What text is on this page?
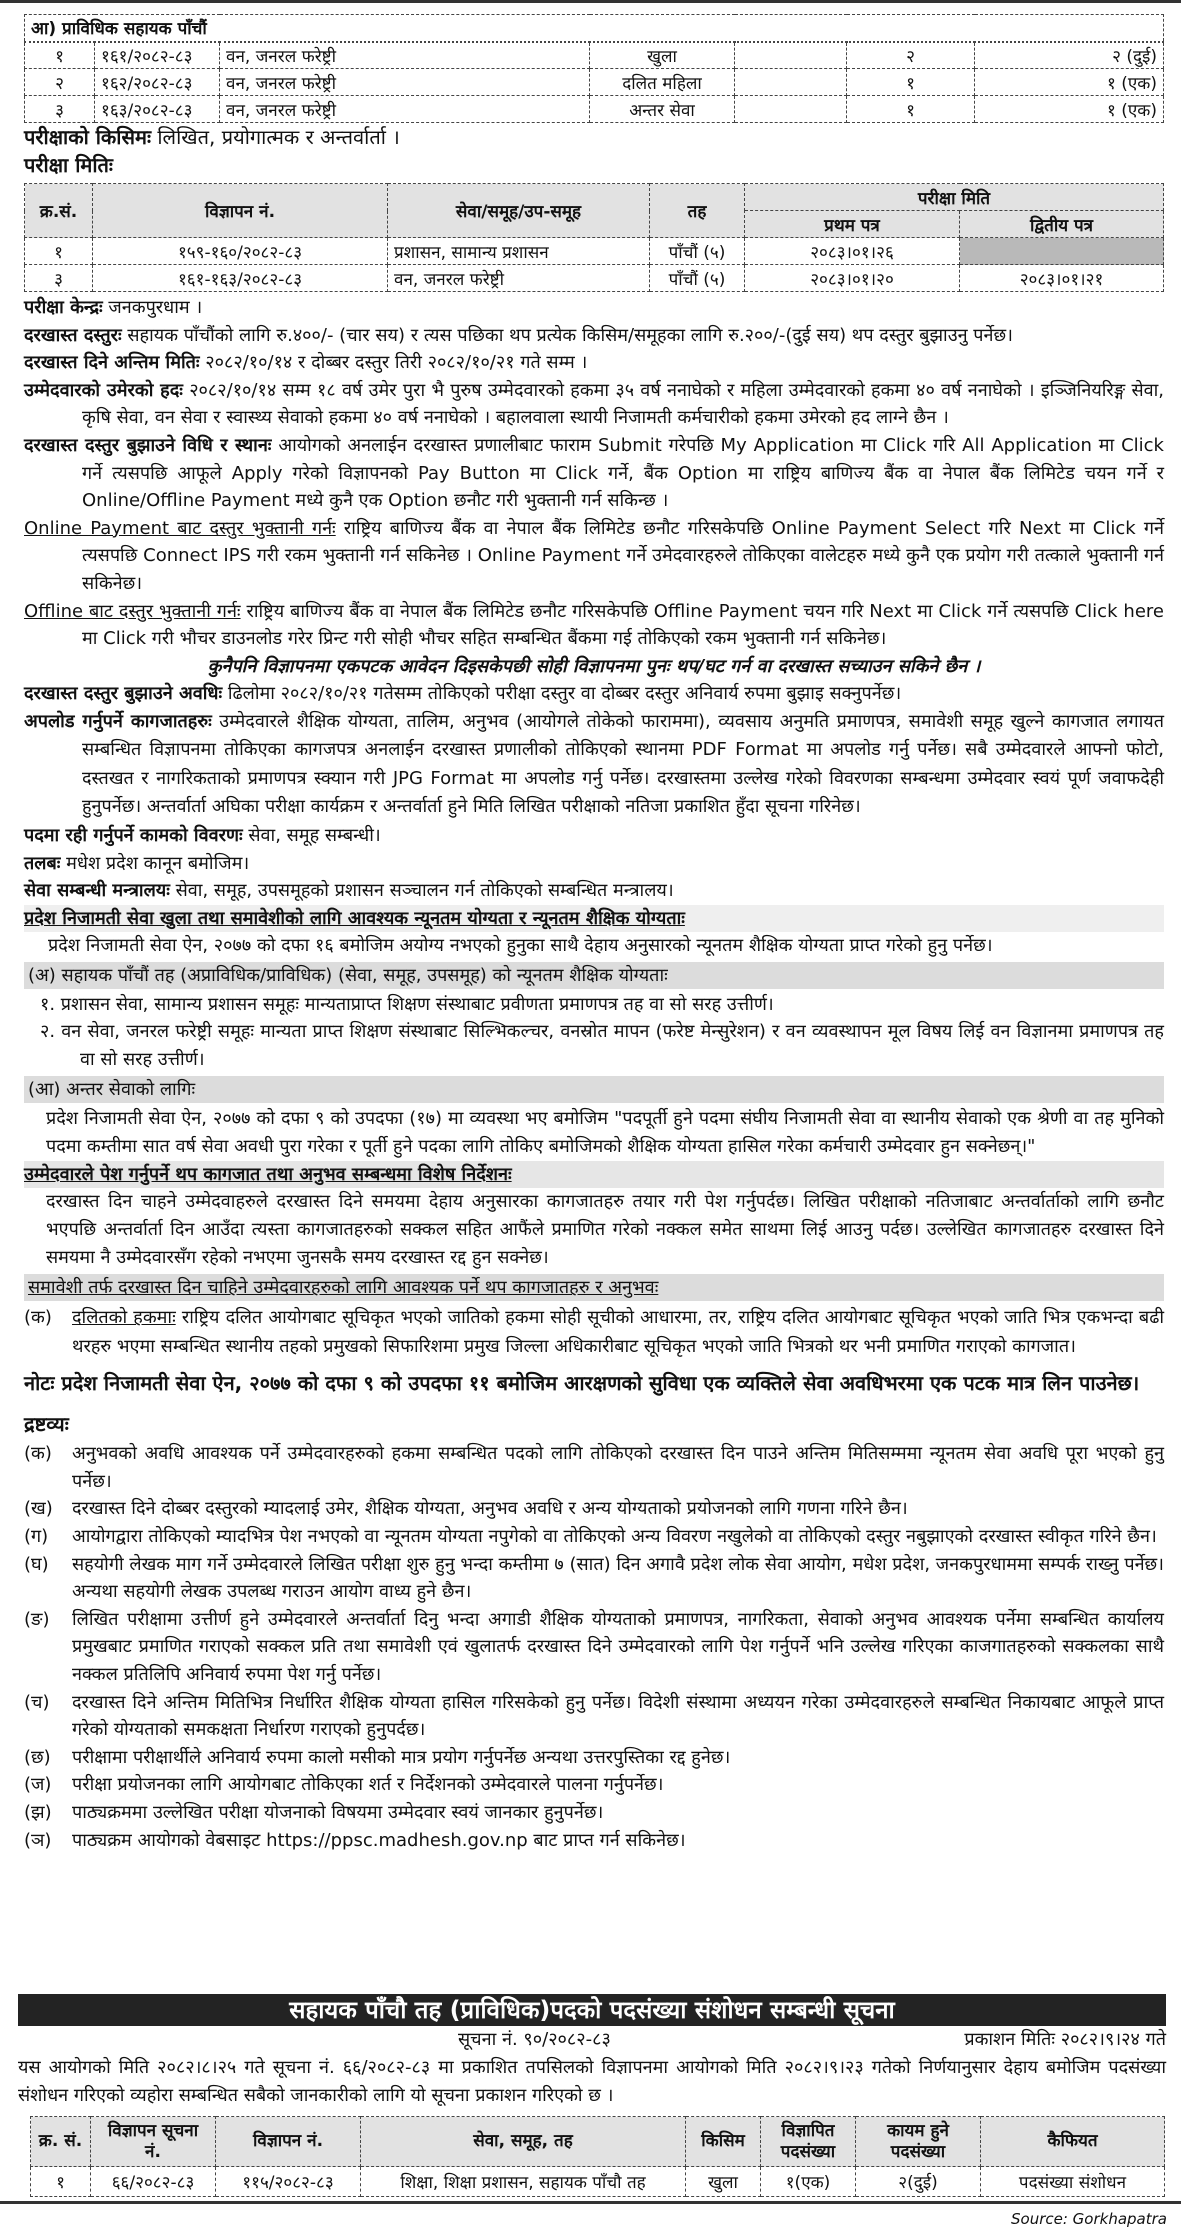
आ) प्राविधिक सहायक पाँचौं						
१	१६१/२०८२-८३	वन, जनरल फरेष्ट्री	खुला		२	२ (दुई)
२	१६२/२०८२-८३	वन, जनरल फरेष्ट्री	दलित महिला		१	१ (एक)
३	१६३/२०८२-८३	वन, जनरल फरेष्ट्री	अन्तर सेवा		१	१ (एक)
परीक्षाको किसिमः लिखित, प्रयोगात्मक र अन्तर्वार्ता ।
परीक्षा मितिः
क्र.सं.	विज्ञापन नं.	सेवा/समूह/उप-समूह	तह	परीक्षा मिति	
				प्रथम पत्र	द्वितीय पत्र
१	१५९-१६०/२०८२-८३	प्रशासन, सामान्य प्रशासन	पाँचौं (५)	२०८३।०१।२६	
३	१६१-१६३/२०८२-८३	वन, जनरल फरेष्ट्री	पाँचौं (५)	२०८३।०१।२०	२०८३।०१।२१
परीक्षा केन्द्रः जनकपुरधाम ।
दरखास्त दस्तुरः सहायक पाँचौंको लागि रु.४००/- (चार सय) र त्यस पछिका थप प्रत्येक किसिम/समूहका लागि रु.२००/-(दुई सय) थप दस्तुर बुझाउनु पर्नेछ।
दरखास्त दिने अन्तिम मितिः २०८२/१०/१४ र दोब्बर दस्तुर तिरी २०८२/१०/२१ गते सम्म ।
उम्मेदवारको उमेरको हदः २०८२/१०/१४ सम्म १८ वर्ष उमेर पुरा भै पुरुष उम्मेदवारको हकमा ३५ वर्ष ननाघेको र महिला उम्मेदवारको हकमा ४० वर्ष ननाघेको । इञ्जिनियरिङ्ग सेवा, कृषि सेवा, वन सेवा र स्वास्थ्य सेवाको हकमा ४० वर्ष ननाघेको । बहालवाला स्थायी निजामती कर्मचारीको हकमा उमेरको हद लाग्ने छैन ।
दरखास्त दस्तुर बुझाउने विधि र स्थानः आयोगको अनलाईन दरखास्त प्रणालीबाट फाराम Submit गरेपछि My Application मा Click गरि All Application मा Click गर्ने त्यसपछि आफूले Apply गरेको विज्ञापनको Pay Button मा Click गर्ने, बैंक Option मा राष्ट्रिय बाणिज्य बैंक वा नेपाल बैंक लिमिटेड चयन गर्ने र Online/Offline Payment मध्ये कुनै एक Option छनौट गरी भुक्तानी गर्न सकिन्छ ।
Online Payment बाट दस्तुर भुक्तानी गर्नः राष्ट्रिय बाणिज्य बैंक वा नेपाल बैंक लिमिटेड छनौट गरिसकेपछि Online Payment Select गरि Next मा Click गर्ने त्यसपछि Connect IPS गरी रकम भुक्तानी गर्न सकिनेछ । Online Payment गर्ने उमेदवारहरुले तोकिएका वालेटहरु मध्ये कुनै एक प्रयोग गरी तत्काले भुक्तानी गर्न सकिनेछ।
Offline बाट दस्तुर भुक्तानी गर्नः राष्ट्रिय बाणिज्य बैंक वा नेपाल बैंक लिमिटेड छनौट गरिसकेपछि Offline Payment चयन गरि Next मा Click गर्ने त्यसपछि Click here मा Click गरी भौचर डाउनलोड गरेर प्रिन्ट गरी सोही भौचर सहित सम्बन्धित बैंकमा गई तोकिएको रकम भुक्तानी गर्न सकिनेछ।
कुनैपनि विज्ञापनमा एकपटक आवेदन दिइसकेपछी सोही विज्ञापनमा पुनः थप/घट गर्न वा दरखास्त सच्याउन सकिने छैन ।
दरखास्त दस्तुर बुझाउने अवधिः ढिलोमा २०८२/१०/२१ गतेसम्म तोकिएको परीक्षा दस्तुर वा दोब्बर दस्तुर अनिवार्य रुपमा बुझाइ सक्नुपर्नेछ।
अपलोड गर्नुपर्ने कागजातहरुः उम्मेदवारले शैक्षिक योग्यता, तालिम, अनुभव (आयोगले तोकेको फाराममा), व्यवसाय अनुमति प्रमाणपत्र, समावेशी समूह खुल्ने कागजात लगायत सम्बन्धित विज्ञापनमा तोकिएका कागजपत्र अनलाईन दरखास्त प्रणालीको तोकिएको स्थानमा PDF Format मा अपलोड गर्नु पर्नेछ। सबै उम्मेदवारले आफ्नो फोटो, दस्तखत र नागरिकताको प्रमाणपत्र स्क्यान गरी JPG Format मा अपलोड गर्नु पर्नेछ। दरखास्तमा उल्लेख गरेको विवरणका सम्बन्धमा उम्मेदवार स्वयं पूर्ण जवाफदेही हुनुपर्नेछ। अन्तर्वार्ता अघिका परीक्षा कार्यक्रम र अन्तर्वार्ता हुने मिति लिखित परीक्षाको नतिजा प्रकाशित हुँदा सूचना गरिनेछ।
पदमा रही गर्नुपर्ने कामको विवरणः सेवा, समूह सम्बन्धी।
तलबः मधेश प्रदेश कानून बमोजिम।
सेवा सम्बन्धी मन्त्रालयः सेवा, समूह, उपसमूहको प्रशासन सञ्चालन गर्न तोकिएको सम्बन्धित मन्त्रालय।
प्रदेश निजामती सेवा खुला तथा समावेशीको लागि आवश्यक न्यूनतम योग्यता र न्यूनतम शैक्षिक योग्यताः
प्रदेश निजामती सेवा ऐन, २०७७ को दफा १६ बमोजिम अयोग्य नभएको हुनुका साथै देहाय अनुसारको न्यूनतम शैक्षिक योग्यता प्राप्त गरेको हुनु पर्नेछ।
(अ) सहायक पाँचौं तह (अप्राविधिक/प्राविधिक) (सेवा, समूह, उपसमूह) को न्यूनतम शैक्षिक योग्यताः
१. प्रशासन सेवा, सामान्य प्रशासन समूहः मान्यताप्राप्त शिक्षण संस्थाबाट प्रवीणता प्रमाणपत्र तह वा सो सरह उत्तीर्ण।
२. वन सेवा, जनरल फरेष्ट्री समूहः मान्यता प्राप्त शिक्षण संस्थाबाट सिल्भिकल्चर, वनस्रोत मापन (फरेष्ट मेन्सुरेशन) र वन व्यवस्थापन मूल विषय लिई वन विज्ञानमा प्रमाणपत्र तह वा सो सरह उत्तीर्ण।
(आ) अन्तर सेवाको लागिः
प्रदेश निजामती सेवा ऐन, २०७७ को दफा ९ को उपदफा (१७) मा व्यवस्था भए बमोजिम "पदपूर्ती हुने पदमा संघीय निजामती सेवा वा स्थानीय सेवाको एक श्रेणी वा तह मुनिको पदमा कम्तीमा सात वर्ष सेवा अवधी पुरा गरेका र पूर्ती हुने पदका लागि तोकिए बमोजिमको शैक्षिक योग्यता हासिल गरेका कर्मचारी उम्मेदवार हुन सक्नेछन्।"
उम्मेदवारले पेश गर्नुपर्ने थप कागजात तथा अनुभव सम्बन्धमा विशेष निर्देशनः
दरखास्त दिन चाहने उम्मेदवाहरुले दरखास्त दिने समयमा देहाय अनुसारका कागजातहरु तयार गरी पेश गर्नुपर्दछ। लिखित परीक्षाको नतिजाबाट अन्तर्वार्ताको लागि छनौट भएपछि अन्तर्वार्ता दिन आउँदा त्यस्ता कागजातहरुको सक्कल सहित आफैंले प्रमाणित गरेको नक्कल समेत साथमा लिई आउनु पर्दछ। उल्लेखित कागजातहरु दरखास्त दिने समयमा नै उम्मेदवारसँग रहेको नभएमा जुनसकै समय दरखास्त रद्द हुन सक्नेछ।
समावेशी तर्फ दरखास्त दिन चाहिने उम्मेदवारहरुको लागि आवश्यक पर्ने थप कागजातहरु र अनुभवः
(क)	दलितको हकमाः राष्ट्रिय दलित आयोगबाट सूचिकृत भएको जातिको हकमा सोही सूचीको आधारमा, तर, राष्ट्रिय दलित आयोगबाट सूचिकृत भएको जाति भित्र एकभन्दा बढी थरहरु भएमा सम्बन्धित स्थानीय तहको प्रमुखको सिफारिशमा प्रमुख जिल्ला अधिकारीबाट सूचिकृत भएको जाति भित्रको थर भनी प्रमाणित गराएको कागजात।
नोटः प्रदेश निजामती सेवा ऐन, २०७७ को दफा ९ को उपदफा ११ बमोजिम आरक्षणको सुविधा एक व्यक्तिले सेवा अवधिभरमा एक पटक मात्र लिन पाउनेछ।
द्रष्टव्यः
(क)	अनुभवको अवधि आवश्यक पर्ने उम्मेदवारहरुको हकमा सम्बन्धित पदको लागि तोकिएको दरखास्त दिन पाउने अन्तिम मितिसम्ममा न्यूनतम सेवा अवधि पूरा भएको हुनु पर्नेछ।
(ख)	दरखास्त दिने दोब्बर दस्तुरको म्यादलाई उमेर, शैक्षिक योग्यता, अनुभव अवधि र अन्य योग्यताको प्रयोजनको लागि गणना गरिने छैन।
(ग)	आयोगद्वारा तोकिएको म्यादभित्र पेश नभएको वा न्यूनतम योग्यता नपुगेको वा तोकिएको अन्य विवरण नखुलेको वा तोकिएको दस्तुर नबुझाएको दरखास्त स्वीकृत गरिने छैन।
(घ)	सहयोगी लेखक माग गर्ने उम्मेदवारले लिखित परीक्षा शुरु हुनु भन्दा कम्तीमा ७ (सात) दिन अगावै प्रदेश लोक सेवा आयोग, मधेश प्रदेश, जनकपुरधाममा सम्पर्क राख्नु पर्नेछ। अन्यथा सहयोगी लेखक उपलब्ध गराउन आयोग वाध्य हुने छैन।
(ङ)	लिखित परीक्षामा उत्तीर्ण हुने उम्मेदवारले अन्तर्वार्ता दिनु भन्दा अगाडी शैक्षिक योग्यताको प्रमाणपत्र, नागरिकता, सेवाको अनुभव आवश्यक पर्नेमा सम्बन्धित कार्यालय प्रमुखबाट प्रमाणित गराएको सक्कल प्रति तथा समावेशी एवं खुलातर्फ दरखास्त दिने उम्मेदवारको लागि पेश गर्नुपर्ने भनि उल्लेख गरिएका काजगातहरुको सक्कलका साथै नक्कल प्रतिलिपि अनिवार्य रुपमा पेश गर्नु पर्नेछ।
(च)	दरखास्त दिने अन्तिम मितिभित्र निर्धारित शैक्षिक योग्यता हासिल गरिसकेको हुनु पर्नेछ। विदेशी संस्थामा अध्ययन गरेका उम्मेदवारहरुले सम्बन्धित निकायबाट आफूले प्राप्त गरेको योग्यताको समकक्षता निर्धारण गराएको हुनुपर्दछ।
(छ)	परीक्षामा परीक्षार्थीले अनिवार्य रुपमा कालो मसीको मात्र प्रयोग गर्नुपर्नेछ अन्यथा उत्तरपुस्तिका रद्द हुनेछ।
(ज)	परीक्षा प्रयोजनका लागि आयोगबाट तोकिएका शर्त र निर्देशनको उम्मेदवारले पालना गर्नुपर्नेछ।
(झ)	पाठ्यक्रममा उल्लेखित परीक्षा योजनाको विषयमा उम्मेदवार स्वयं जानकार हुनुपर्नेछ।
(ञ)	पाठ्यक्रम आयोगको वेबसाइट https://ppsc.madhesh.gov.np बाट प्राप्त गर्न सकिनेछ।
सहायक पाँचौ तह (प्राविधिक)पदको पदसंख्या संशोधन सम्बन्धी सूचना
सूचना नं. ९०/२०८२-८३	प्रकाशन मितिः २०८२।९।२४ गते
यस आयोगको मिति २०८२।८।२५ गते सूचना नं. ६६/२०८२-८३ मा प्रकाशित तपसिलको विज्ञापनमा आयोगको मिति २०८२।९।२३ गतेको निर्णयानुसार देहाय बमोजिम पदसंख्या संशोधन गरिएको व्यहोरा सम्बन्धित सबैको जानकारीको लागि यो सूचना प्रकाशन गरिएको छ ।
क्र. सं.	विज्ञापन सूचना नं.	विज्ञापन नं.	सेवा, समूह, तह	किसिम	विज्ञापित पदसंख्या	कायम हुने पदसंख्या	कैफियत
१	६६/२०८२-८३	११५/२०८२-८३	शिक्षा, शिक्षा प्रशासन, सहायक पाँचौ तह	खुला	१(एक)	२(दुई)	पदसंख्या संशोधन
Source: Gorkhapatra
